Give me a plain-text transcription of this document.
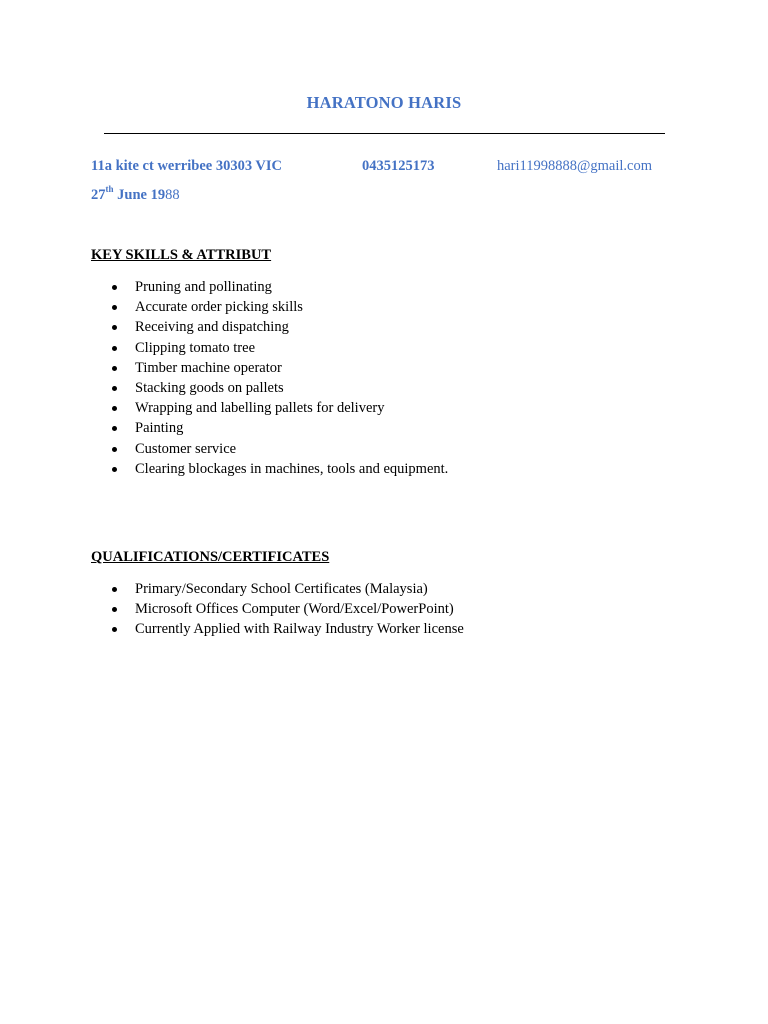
HARATONO HARIS
11a kite ct werribee 30303 VIC	0435125173	hari11998888@gmail.com
27th June 1988
KEY SKILLS & ATTRIBUT
Pruning and pollinating
Accurate order picking skills
Receiving and dispatching
Clipping tomato tree
Timber machine operator
Stacking goods on pallets
Wrapping and labelling pallets for delivery
Painting
Customer service
Clearing blockages in machines, tools and equipment.
QUALIFICATIONS/CERTIFICATES
Primary/Secondary School Certificates (Malaysia)
Microsoft Offices Computer (Word/Excel/PowerPoint)
Currently Applied with Railway Industry Worker license
